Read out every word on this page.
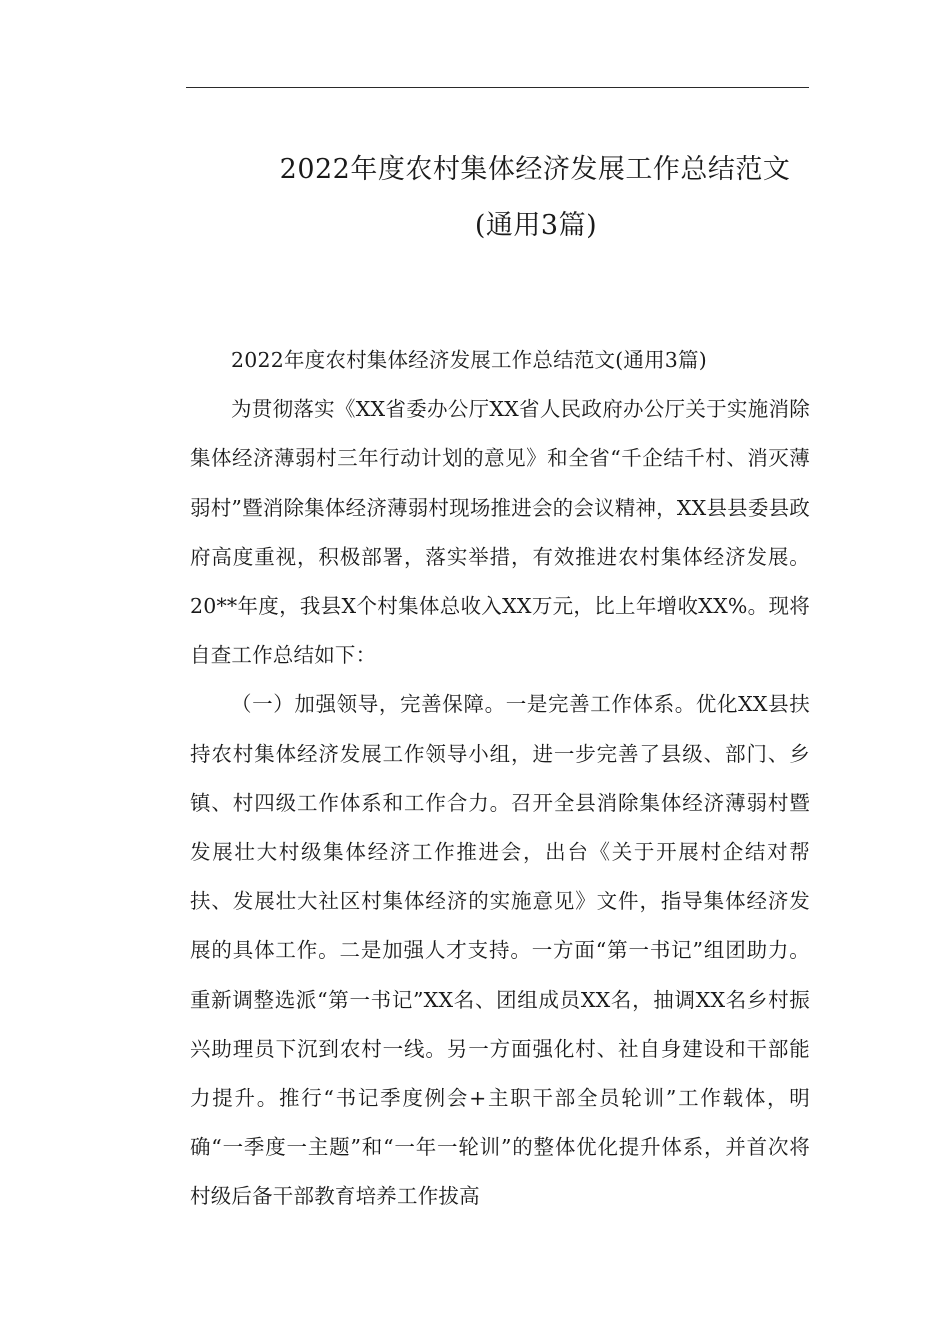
2022年度农村集体经济发展工作总结范文
(通用3篇)

2022年度农村集体经济发展工作总结范文(通用3篇)

为贯彻落实《XX省委办公厅XX省人民政府办公厅关于实施消除集体经济薄弱村三年行动计划的意见》和全省“千企结千村、消灭薄弱村”暨消除集体经济薄弱村现场推进会的会议精神，XX县县委县政府高度重视，积极部署，落实举措，有效推进农村集体经济发展。20**年度，我县X个村集体总收入XX万元，比上年增收XX%。现将自查工作总结如下：

（一）加强领导，完善保障。一是完善工作体系。优化XX县扶持农村集体经济发展工作领导小组，进一步完善了县级、部门、乡镇、村四级工作体系和工作合力。召开全县消除集体经济薄弱村暨发展壮大村级集体经济工作推进会，出台《关于开展村企结对帮扶、发展壮大社区村集体经济的实施意见》文件，指导集体经济发展的具体工作。二是加强人才支持。一方面“第一书记”组团助力。重新调整选派“第一书记”XX名、团组成员XX名，抽调XX名乡村振兴助理员下沉到农村一线。另一方面强化村、社自身建设和干部能力提升。推行“书记季度例会+主职干部全员轮训”工作载体，明确“一季度一主题”和“一年一轮训”的整体优化提升体系，并首次将村级后备干部教育培养工作拔高
